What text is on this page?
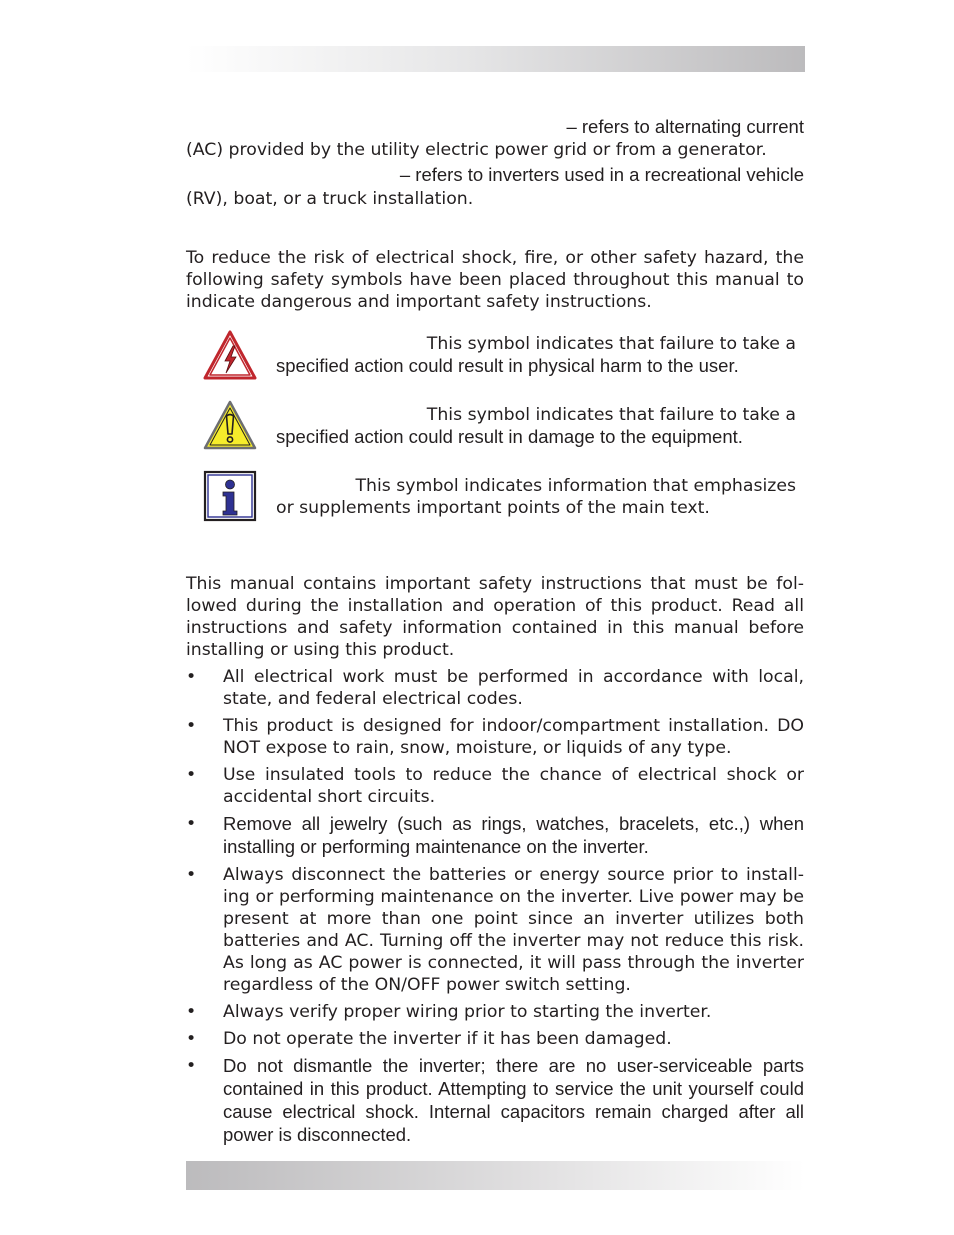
– refers to alternating current
(AC) provided by the utility electric power grid or from a generator.
– refers to inverters used in a recreational vehicle
(RV), boat, or a truck installation.
To reduce the risk of electrical shock, fire, or other safety hazard, the following safety symbols have been placed throughout this manual to indicate dangerous and important safety instructions.
This symbol indicates that failure to take a
specified action could result in physical harm to the user.
This symbol indicates that failure to take a
specified action could result in damage to the equipment.
This symbol indicates information that emphasizes
or supplements important points of the main text.
This manual contains important safety instructions that must be fol-lowed during the installation and operation of this product. Read all instructions and safety information contained in this manual before installing or using this product.
• All electrical work must be performed in accordance with local, state, and federal electrical codes.
• This product is designed for indoor/compartment installation. DO NOT expose to rain, snow, moisture, or liquids of any type.
• Use insulated tools to reduce the chance of electrical shock or accidental short circuits.
• Remove all jewelry (such as rings, watches, bracelets, etc.,) when installing or performing maintenance on the inverter.
• Always disconnect the batteries or energy source prior to install-ing or performing maintenance on the inverter. Live power may be present at more than one point since an inverter utilizes both batteries and AC. Turning off the inverter may not reduce this risk. As long as AC power is connected, it will pass through the inverter regardless of the ON/OFF power switch setting.
• Always verify proper wiring prior to starting the inverter.
• Do not operate the inverter if it has been damaged.
• Do not dismantle the inverter; there are no user-serviceable parts contained in this product. Attempting to service the unit yourself could cause electrical shock. Internal capacitors remain charged after all power is disconnected.
